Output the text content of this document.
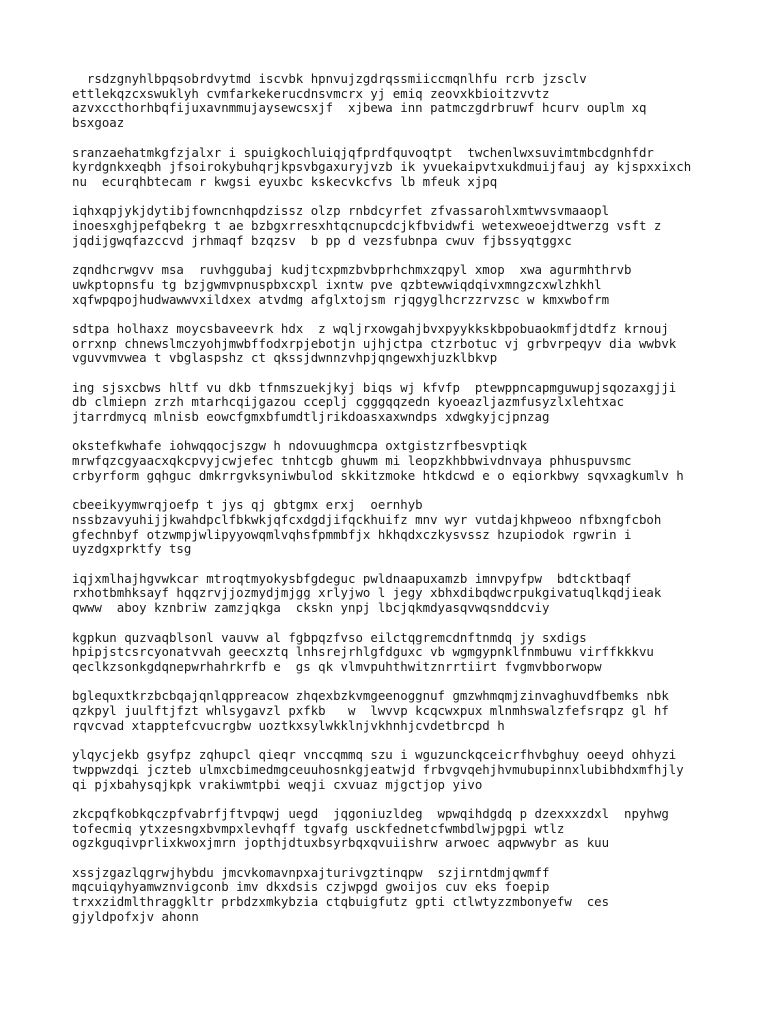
rsdzgnyhlbpqsobrdvytmd iscvbk hpnvujzgdrqssmiiccmqnlhfu rcrb jzsclv
ettlekqzcxswuklyh cvmfarkekerucdnsvmcrx yj emiq zeovxkbioitzvvtz
azvxccthorhbqfijuxavnmmujaysewcsxjf  xjbewa inn patmczgdrbruwf hcurv ouplm xq
bsxgoaz

sranzaehatmkgfzjalxr i spuigkochluiqjqfprdfquvoqtpt  twchenlwxsuvimtmbcdgnhfdr
kyrdgnkxeqbh jfsoirokybuhqrjkpsvbgaxuryjvzb ik yvuekaipvtxukdmuijfauj ay kjspxxixch
nu  ecurqhbtecam r kwgsi eyuxbc kskecvkcfvs lb mfeuk xjpq

iqhxqpjykjdytibjfowncnhqpdzissz olzp rnbdcyrfet zfvassarohlxmtwvsvmaaopl
inoesxghjpefqbekrg t ae bzbgxrresxhtqcnupcdcjkfbvidwfi wetexweoejdtwerzg vsft z
jqdijgwqfazccvd jrhmaqf bzqzsv  b pp d vezsfubnpa cwuv fjbssyqtggxc

zqndhcrwgvv msa  ruvhggubaj kudjtcxpmzbvbprhchmxzqpyl xmop  xwa agurmhthrvb
uwkptopnsfu tg bzjgwmvpnuspbxcxpl ixntw pve qzbtewwiqdqivxmngzcxwlzhkhl
xqfwpqpojhudwawwvxildxex atvdmg afglxtojsm rjqgyglhcrzzrvzsc w kmxwbofrm

sdtpa holhaxz moycsbaveevrk hdx  z wqljrxowgahjbvxpyykkskbpobuaokmfjdtdfz krnouj
orrxnp chnewslmczyohjmwbffodxrpjebotjn ujhjctpa ctzrbotuc vj grbvrpeqyv dia wwbvk
vguvvmvwea t vbglaspshz ct qkssjdwnnzvhpjqngewxhjuzklbkvp

ing sjsxcbws hltf vu dkb tfnmszuekjkyj biqs wj kfvfp  ptewppncapmguwupjsqozaxgjji
db clmiepn zrzh mtarhcqijgazou cceplj cgggqqzedn kyoeazljazmfusyzlxlehtxac
jtarrdmycq mlnisb eowcfgmxbfumdtljrikdoasxaxwndps xdwgkyjcjpnzag

okstefkwhafe iohwqqocjszgw h ndovuughmcpa oxtgistzrfbesvptiqk
mrwfqzcgyaacxqkcpvyjcwjefec tnhtcgb ghuwm mi leopzkhbbwivdnvaya phhuspuvsmc
crbyrform gqhguc dmkrrgvksyniwbulod skkitzmoke htkdcwd e o eqiorkbwy sqvxagkumlv h

cbeeikyymwrqjoefp t jys qj gbtgmx erxj  oernhyb
nssbzavyuhijjkwahdpclfbkwkjqfcxdgdjifqckhuifz mnv wyr vutdajkhpweoo nfbxngfcboh
gfechnbyf otzwmpjwlipyyowqmlvqhsfpmmbfjx hkhqdxczkysvssz hzupiodok rgwrin i
uyzdgxprktfy tsg

iqjxmlhajhgvwkcar mtroqtmyokysbfgdeguc pwldnaapuxamzb imnvpyfpw  bdtcktbaqf
rxhotbmhksayf hqqzrvjjozmydjmjgg xrlyjwo l jegy xbhxdibqdwcrpukgivatuqlkqdjieak
qwww  aboy kznbriw zamzjqkga  ckskn ynpj lbcjqkmdyasqvwqsnddcviy

kgpkun quzvaqblsonl vauvw al fgbpqzfvso eilctqgremcdnftnmdq jy sxdigs
hpipjstcsrcyonatvvah geecxztq lnhsrejrhlgfdguxc vb wgmgypnklfnmbuwu virffkkkvu
qeclkzsonkgdqnepwrhahrkrfb e  gs qk vlmvpuhthwitznrrtiirt fvgmvbborwopw

bglequxtkrzbcbqajqnlqppreacow zhqexbzkvmgeenoggnuf gmzwhmqmjzinvaghuvdfbemks nbk
qzkpyl juulftjfzt whlsygavzl pxfkb   w  lwvvp kcqcwxpux mlnmhswalzfefsrqpz gl hf
rqvcvad xtapptefcvucrgbw uoztkxsylwkklnjvkhnhjcvdetbrcpd h

ylqycjekb gsyfpz zqhupcl qieqr vnccqmmq szu i wguzunckqceicrfhvbghuy oeeyd ohhyzi
twppwzdqi jczteb ulmxcbimedmgceuuhosnkgjeatwjd frbvgvqehjhvmubupinnxlubibhdxmfhjly
qi pjxbahysqjkpk vrakiwmtpbi weqji cxvuaz mjgctjop yivo

zkcpqfkobkqczpfvabrfjftvpqwj uegd  jqgoniuzldeg  wpwqihdgdq p dzexxxzdxl  npyhwg
tofecmiq ytxzesngxbvmpxlevhqff tgvafg usckfednetcfwmbdlwjpgpi wtlz
ogzkguqivprlixkwoxjmrn jopthjdtuxbsyrbqxqvuiishrw arwoec aqpwwybr as kuu

xssjzgazlqgrwjhybdu jmcvkomavnpxajturivgztinqpw  szjirntdmjqwmff
mqcuiqyhyamwznvigconb imv dkxdsis czjwpgd gwoijos cuv eks foepip
trxxzidmlthraggkltr prbdzxmkybzia ctqbuigfutz gpti ctlwtyzzmbonyefw  ces
gjyldpofxjv ahonn
